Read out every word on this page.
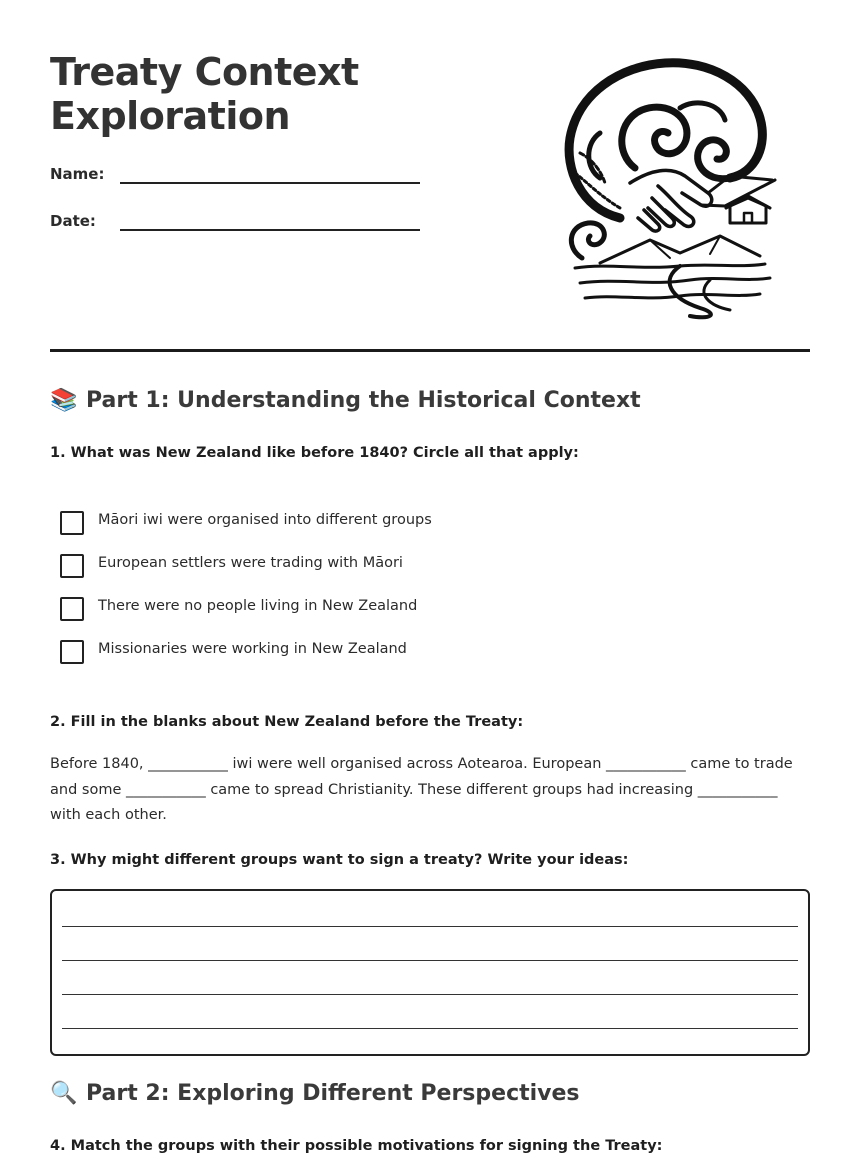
Treaty Context
Exploration
Name:
Date:
📚 Part 1: Understanding the Historical Context
1. What was New Zealand like before 1840? Circle all that apply:
Māori iwi were organised into different groups
European settlers were trading with Māori
There were no people living in New Zealand
Missionaries were working in New Zealand
2. Fill in the blanks about New Zealand before the Treaty:
Before 1840, ___________ iwi were well organised across Aotearoa. European ___________ came to trade and some ___________ came to spread Christianity. These different groups had increasing ___________ with each other.
3. Why might different groups want to sign a treaty? Write your ideas:
🔍 Part 2: Exploring Different Perspectives
4. Match the groups with their possible motivations for signing the Treaty:
